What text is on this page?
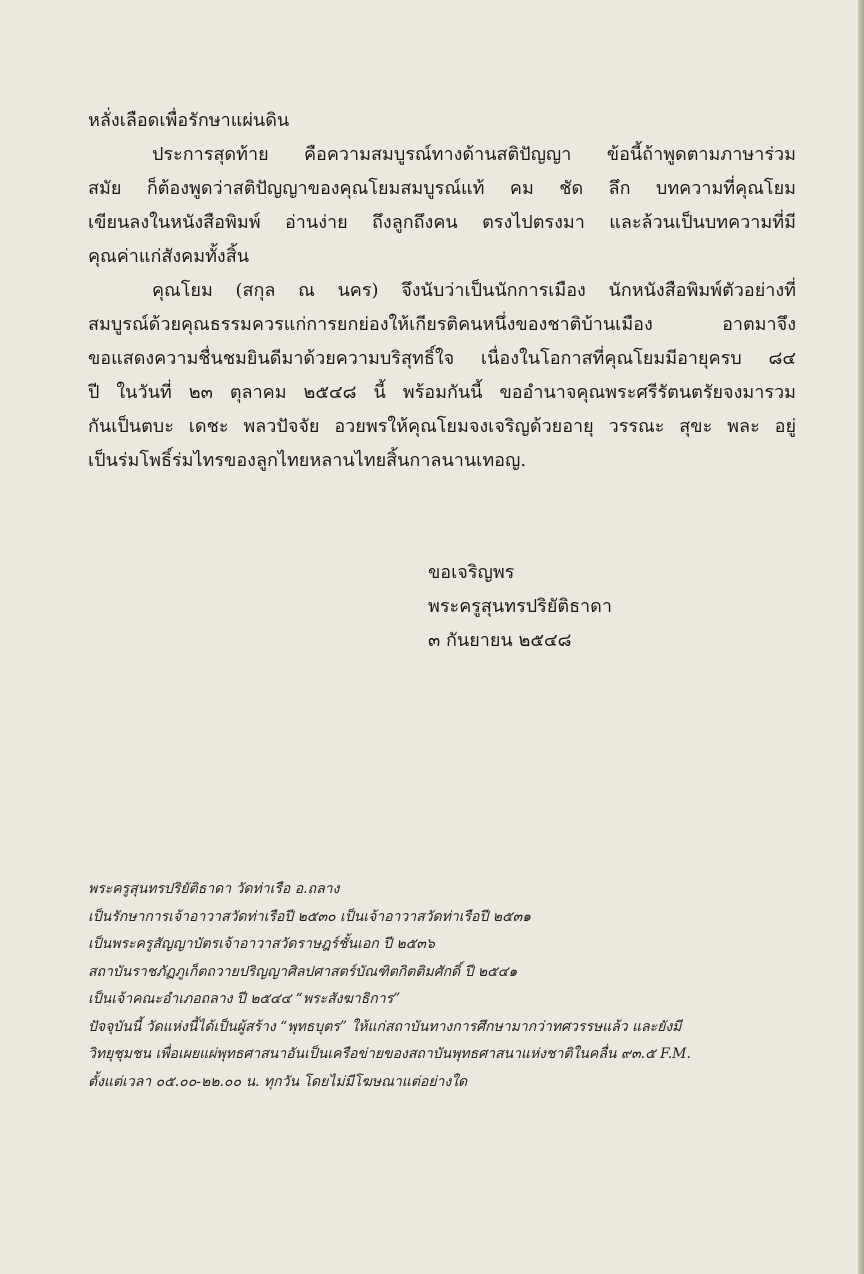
หลั่งเลือดเพื่อรักษาแผ่นดิน
ประการสุดท้าย คือความสมบูรณ์ทางด้านสติปัญญา ข้อนี้ถ้าพูดตามภาษาร่วม
สมัย ก็ต้องพูดว่าสติปัญญาของคุณโยมสมบูรณ์แท้ คม ชัด ลึก บทความที่คุณโยม
เขียนลงในหนังสือพิมพ์ อ่านง่าย ถึงลูกถึงคน ตรงไปตรงมา และล้วนเป็นบทความที่มี
คุณค่าแก่สังคมทั้งสิ้น
คุณโยม (สกุล ณ นคร) จึงนับว่าเป็นนักการเมือง นักหนังสือพิมพ์ตัวอย่างที่
สมบูรณ์ด้วยคุณธรรมควรแก่การยกย่องให้เกียรติคนหนึ่งของชาติบ้านเมือง อาตมาจึง
ขอแสดงความชื่นชมยินดีมาด้วยความบริสุทธิ์ใจ เนื่องในโอกาสที่คุณโยมมีอายุครบ ๘๔
ปี ในวันที่ ๒๓ ตุลาคม ๒๕๔๘ นี้ พร้อมกันนี้ ขออำนาจคุณพระศรีรัตนตรัยจงมารวม
กันเป็นตบะ เดชะ พลวปัจจัย อวยพรให้คุณโยมจงเจริญด้วยอายุ วรรณะ สุขะ พละ อยู่
เป็นร่มโพธิ์ร่มไทรของลูกไทยหลานไทยสิ้นกาลนานเทอญ.
ขอเจริญพร
พระครูสุนทรปริยัติธาดา
๓ กันยายน ๒๕๔๘
พระครูสุนทรปริยัติธาดา วัดท่าเรือ อ.ถลาง
เป็นรักษาการเจ้าอาวาสวัดท่าเรือปี ๒๕๓๐ เป็นเจ้าอาวาสวัดท่าเรือปี ๒๕๓๑
เป็นพระครูสัญญาบัตรเจ้าอาวาสวัดราษฎร์ชั้นเอก ปี ๒๕๓๖
สถาบันราชภัฏภูเก็ตถวายปริญญาศิลปศาสตร์บัณฑิตกิตติมศักดิ์ ปี ๒๕๔๑
เป็นเจ้าคณะอำเภอถลาง ปี ๒๕๔๔ “พระสังฆาธิการ”
ปัจจุบันนี้ วัดแห่งนี้ได้เป็นผู้สร้าง “พุทธบุตร” ให้แก่สถาบันทางการศึกษามากว่าทศวรรษแล้ว และยังมี
วิทยุชุมชน เพื่อเผยแผ่พุทธศาสนาอันเป็นเครือข่ายของสถาบันพุทธศาสนาแห่งชาติในคลื่น ๙๓.๕ F.M.
ตั้งแต่เวลา ๐๕.๐๐-๒๒.๐๐ น. ทุกวัน โดยไม่มีโฆษณาแต่อย่างใด
